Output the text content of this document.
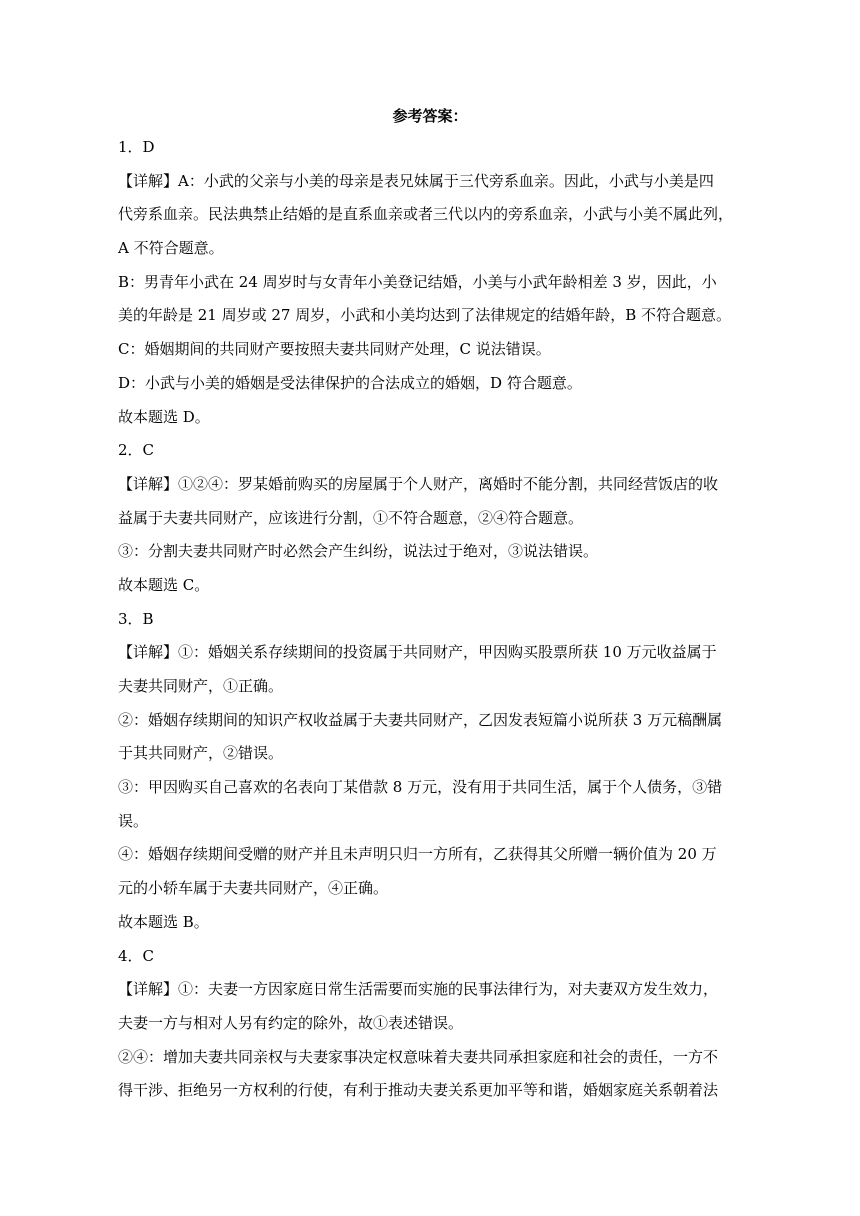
参考答案：
1．D
【详解】A：小武的父亲与小美的母亲是表兄妹属于三代旁系血亲。因此，小武与小美是四
代旁系血亲。民法典禁止结婚的是直系血亲或者三代以内的旁系血亲，小武与小美不属此列，
A 不符合题意。
B：男青年小武在 24 周岁时与女青年小美登记结婚，小美与小武年龄相差 3 岁，因此，小
美的年龄是 21 周岁或 27 周岁，小武和小美均达到了法律规定的结婚年龄，B 不符合题意。
C：婚姻期间的共同财产要按照夫妻共同财产处理，C 说法错误。
D：小武与小美的婚姻是受法律保护的合法成立的婚姻，D 符合题意。
故本题选 D。
2．C
【详解】①②④：罗某婚前购买的房屋属于个人财产，离婚时不能分割，共同经营饭店的收
益属于夫妻共同财产，应该进行分割，①不符合题意，②④符合题意。
③：分割夫妻共同财产时必然会产生纠纷，说法过于绝对，③说法错误。
故本题选 C。
3．B
【详解】①：婚姻关系存续期间的投资属于共同财产，甲因购买股票所获 10 万元收益属于
夫妻共同财产，①正确。
②：婚姻存续期间的知识产权收益属于夫妻共同财产，乙因发表短篇小说所获 3 万元稿酬属
于其共同财产，②错误。
③：甲因购买自己喜欢的名表向丁某借款 8 万元，没有用于共同生活，属于个人债务，③错
误。
④：婚姻存续期间受赠的财产并且未声明只归一方所有，乙获得其父所赠一辆价值为 20 万
元的小轿车属于夫妻共同财产，④正确。
故本题选 B。
4．C
【详解】①：夫妻一方因家庭日常生活需要而实施的民事法律行为，对夫妻双方发生效力，
夫妻一方与相对人另有约定的除外，故①表述错误。
②④：增加夫妻共同亲权与夫妻家事决定权意味着夫妻共同承担家庭和社会的责任，一方不
得干涉、拒绝另一方权利的行使，有利于推动夫妻关系更加平等和谐，婚姻家庭关系朝着法
